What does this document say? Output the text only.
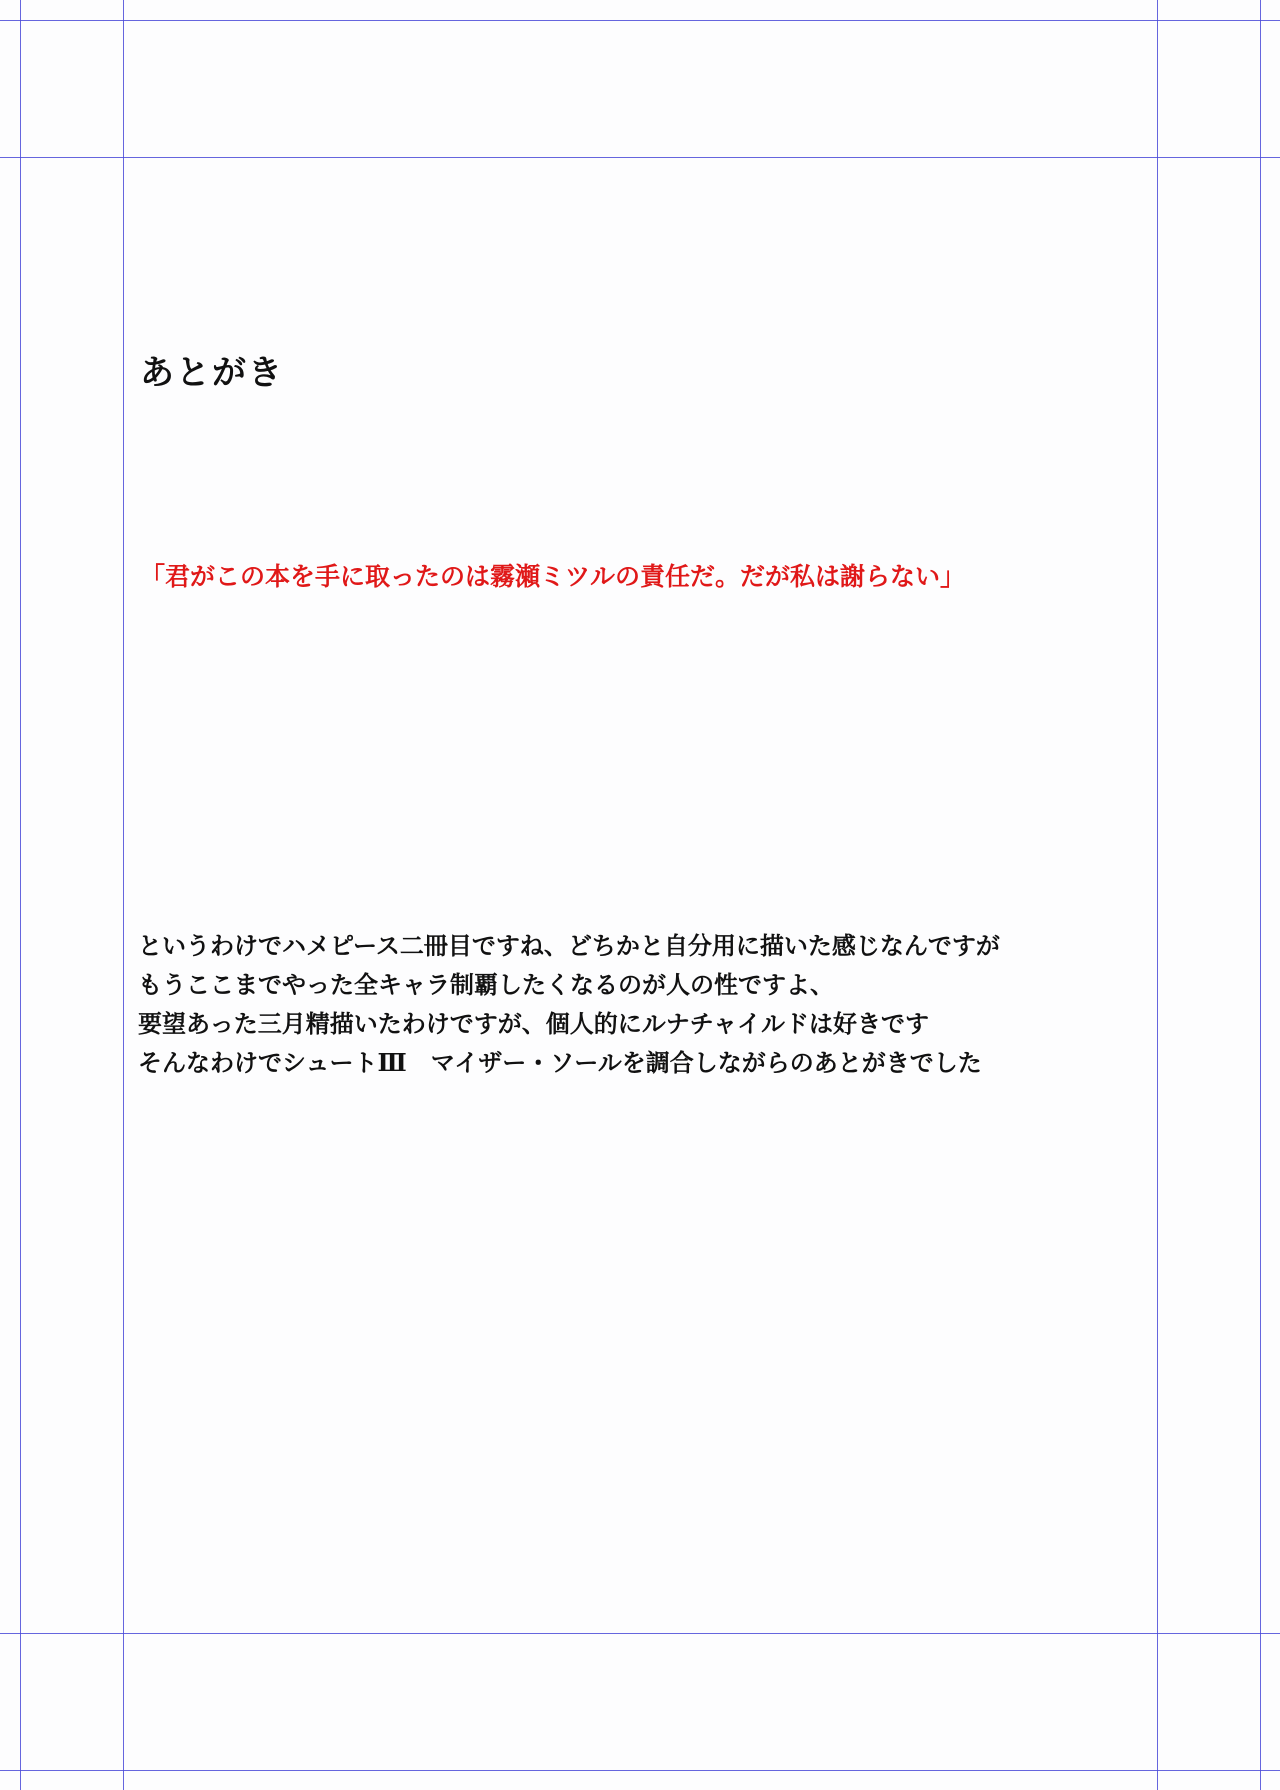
あとがき

「君がこの本を手に取ったのは霧瀬ミツルの責任だ。だが私は謝らない」

というわけでハメピース二冊目ですね、どちかと自分用に描いた感じなんですが
もうここまでやった全キャラ制覇したくなるのが人の性ですよ、
要望あった三月精描いたわけですが、個人的にルナチャイルドは好きです
そんなわけでシュートⅢ　マイザー・ソールを調合しながらのあとがきでした
